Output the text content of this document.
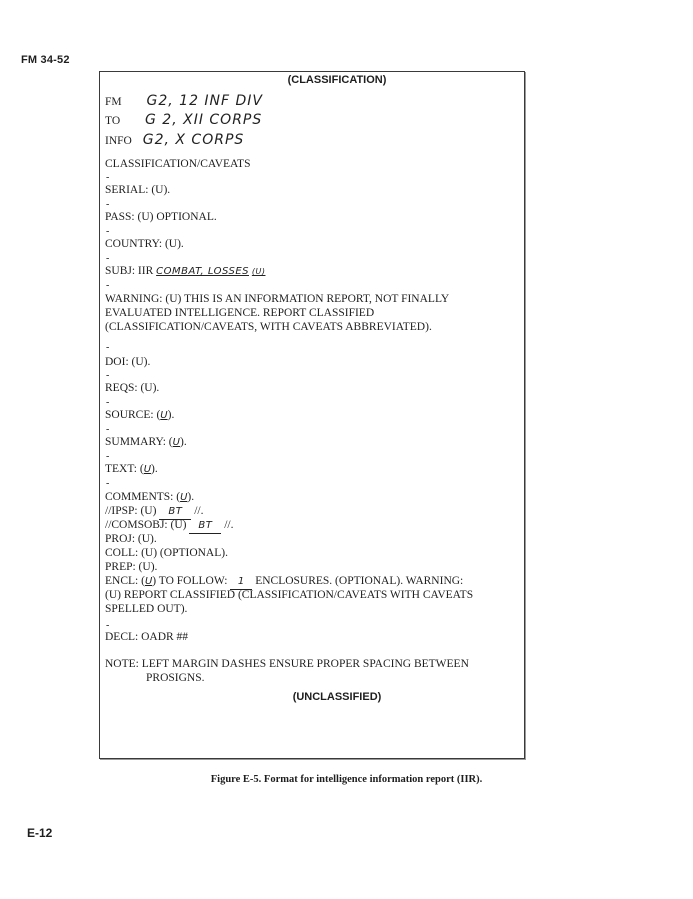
FM 34-52
(CLASSIFICATION)
FM G2, 12 INF DIV
TO G 2, XII CORPS
INFO G2, X CORPS
CLASSIFICATION/CAVEATS
-
SERIAL: (U).
-
PASS: (U) OPTIONAL.
-
COUNTRY: (U).
-
SUBJ: IIR COMBAT, LOSSES (U)
-
WARNING: (U) THIS IS AN INFORMATION REPORT, NOT FINALLY
EVALUATED INTELLIGENCE. REPORT CLASSIFIED
(CLASSIFICATION/CAVEATS, WITH CAVEATS ABBREVIATED).
-
DOI: (U).
-
REQS: (U).
-
SOURCE: (U).
-
SUMMARY: (U).
-
TEXT: (U).
-
COMMENTS: (U).
//IPSP: (U) BT //.
//COMSOBJ: (U) BT //.
PROJ: (U).
COLL: (U) (OPTIONAL).
PREP: (U).
ENCL: (U) TO FOLLOW: 1 ENCLOSURES. (OPTIONAL). WARNING:
(U) REPORT CLASSIFIED (CLASSIFICATION/CAVEATS WITH CAVEATS
SPELLED OUT).
-
DECL: OADR ##
NOTE: LEFT MARGIN DASHES ENSURE PROPER SPACING BETWEEN
PROSIGNS.
(UNCLASSIFIED)
Figure E-5. Format for intelligence information report (IIR).
E-12
